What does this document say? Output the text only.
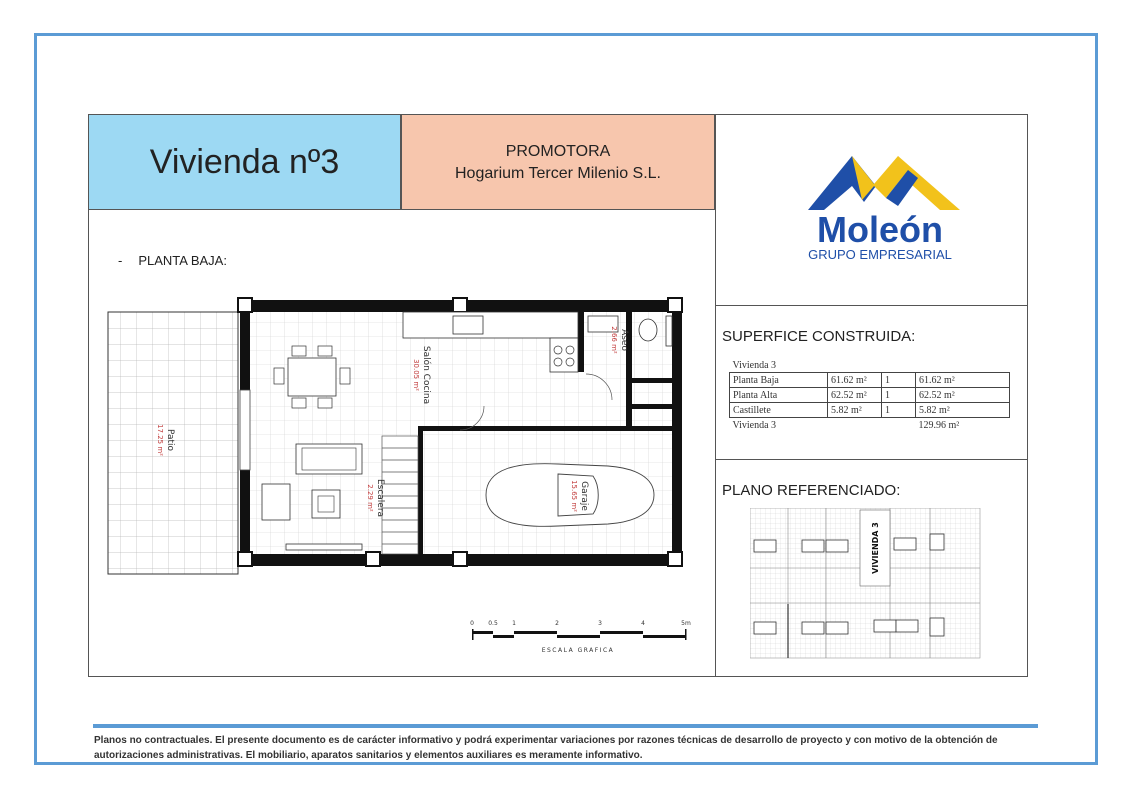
Vivienda nº3	PROMOTORA
Hogarium Tercer Milenio S.L.
Moleón
GRUPO EMPRESARIAL
- PLANTA BAJA:
Patio
17.25 m²
Salón Cocina
30.05 m²
Aseo
2.66 m²
Escalera
2.29 m²	Garaje
15.65 m²
0 0.5 1	2	3	4	5m
ESCALA GRAFICA
SUPERFICE CONSTRUIDA:
Vivienda 3			
Planta Baja	61.62 m²	1	61.62 m²
Planta Alta	62.52 m²	1	62.52 m²
Castillete	5.82 m²	1	5.82 m²
Vivienda 3			129.96 m²
PLANO REFERENCIADO:
VIVIENDA 3
Planos no contractuales. El presente documento es de carácter informativo y podrá experimentar variaciones por razones técnicas de desarrollo de proyecto y con motivo de la obtención de autorizaciones administrativas. El mobiliario, aparatos sanitarios y elementos auxiliares es meramente informativo.
